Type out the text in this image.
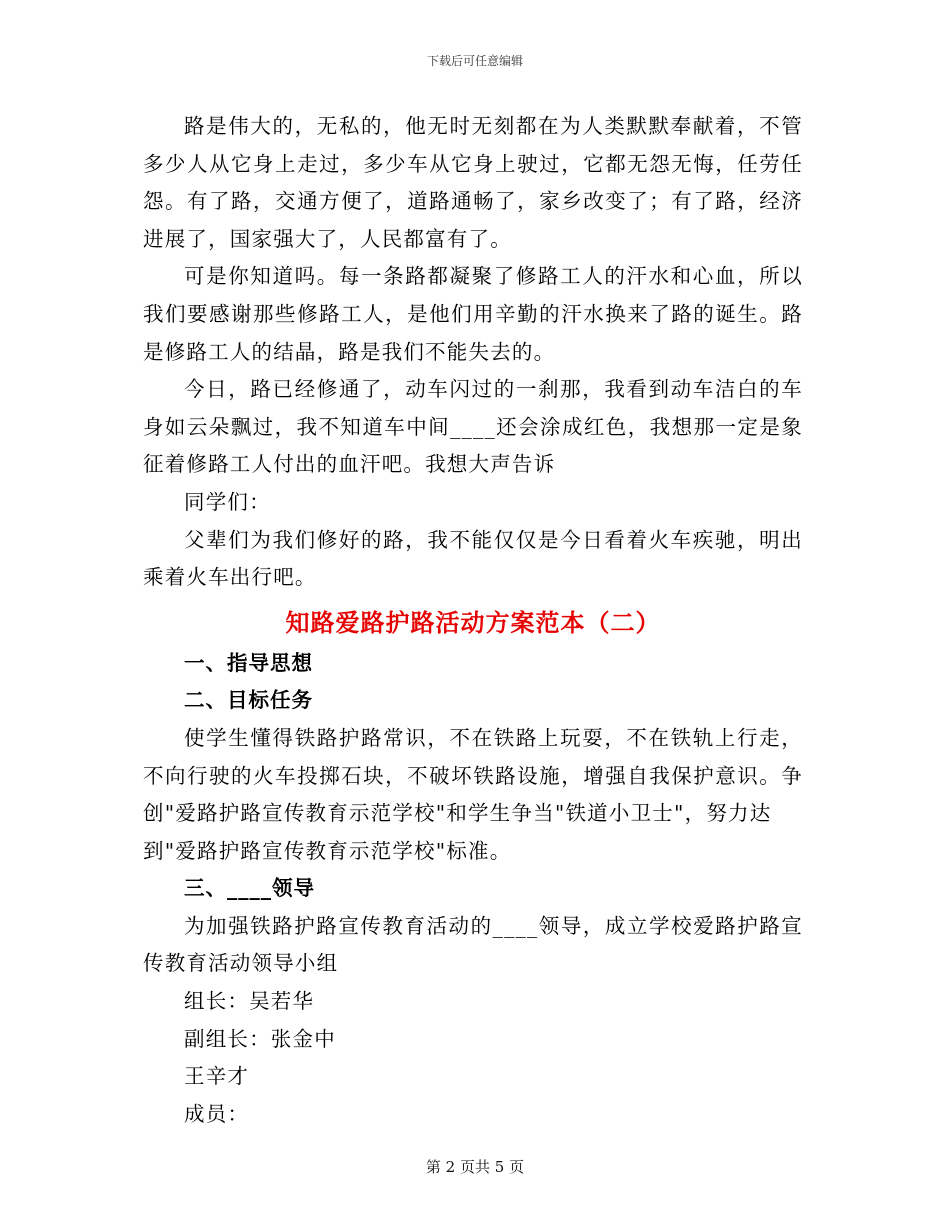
下载后可任意编辑

路是伟大的，无私的，他无时无刻都在为人类默默奉献着，不管多少人从它身上走过，多少车从它身上驶过，它都无怨无悔，任劳任怨。有了路，交通方便了，道路通畅了，家乡改变了；有了路，经济进展了，国家强大了，人民都富有了。

可是你知道吗。每一条路都凝聚了修路工人的汗水和心血，所以我们要感谢那些修路工人，是他们用辛勤的汗水换来了路的诞生。路是修路工人的结晶，路是我们不能失去的。

今日，路已经修通了，动车闪过的一刹那，我看到动车洁白的车身如云朵飘过，我不知道车中间____还会涂成红色，我想那一定是象征着修路工人付出的血汗吧。我想大声告诉

同学们：

父辈们为我们修好的路，我不能仅仅是今日看着火车疾驰，明出乘着火车出行吧。

知路爱路护路活动方案范本（二）

一、指导思想

二、目标任务

使学生懂得铁路护路常识，不在铁路上玩耍，不在铁轨上行走，不向行驶的火车投掷石块，不破坏铁路设施，增强自我保护意识。争创"爱路护路宣传教育示范学校"和学生争当"铁道小卫士"，努力达

到"爱路护路宣传教育示范学校"标准。

三、____领导

为加强铁路护路宣传教育活动的____领导，成立学校爱路护路宣传教育活动领导小组

组长：吴若华

副组长：张金中

王辛才

成员：

第 2 页共 5 页
